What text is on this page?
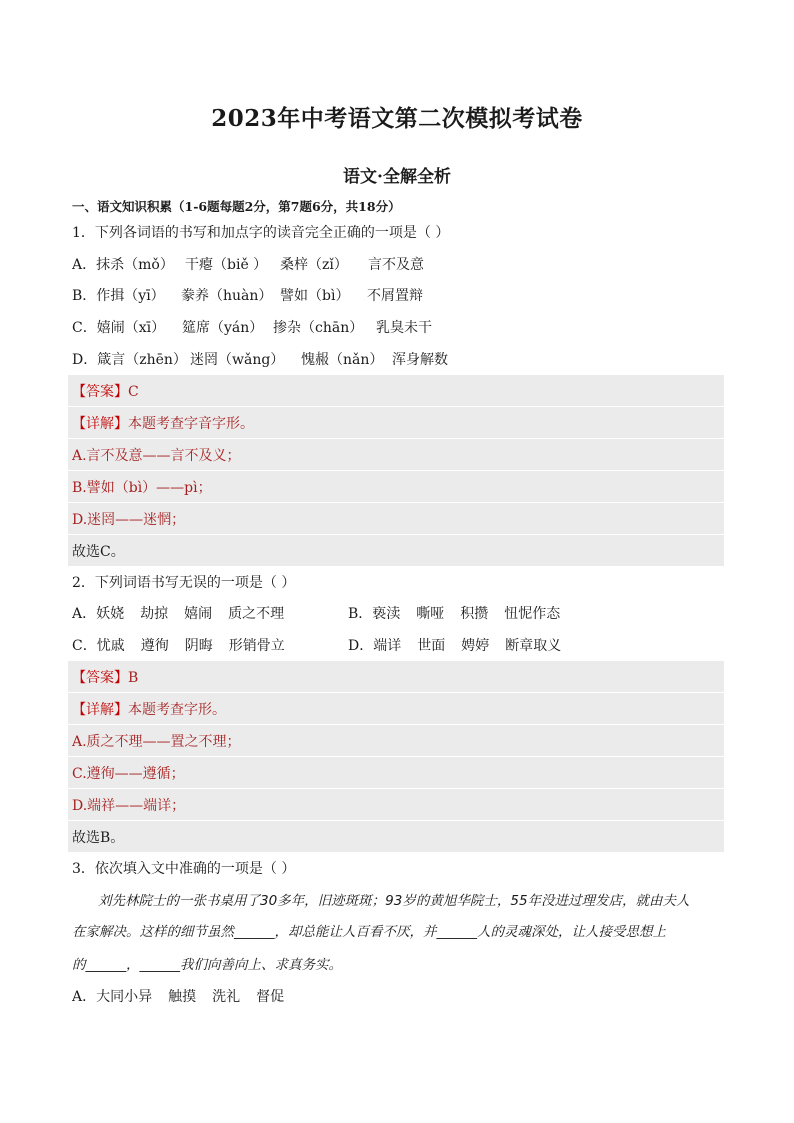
2023年中考语文第二次模拟考试卷
语文·全解全析
一、语文知识积累（1-6题每题2分，第7题6分，共18分）
1．下列各词语的书写和加点字的读音完全正确的一项是（ ）
A．抹杀（mǒ） 干瘪（biě ） 桑梓（zǐ） 言不及意
B．作揖（yī） 豢养（huàn） 譬如（bì） 不屑置辩
C．嬉闹（xī） 筵席（yán） 掺杂（chān） 乳臭未干
D．箴言（zhēn） 迷罔（wǎng） 愧赧（nǎn） 浑身解数
【答案】C
【详解】本题考查字音字形。
A.言不及意——言不及义；
B.譬如（bì）——pì；
D.迷罔——迷惘；
故选C。
2．下列词语书写无误的一项是（ ）
A．妖娆 劫掠 嬉闹 质之不理	B．亵渎 嘶哑 积攒 忸怩作态
C．忧戚 遵徇 阴晦 形销骨立	D．端详 世面 娉婷 断章取义
【答案】B
【详解】本题考查字形。
A.质之不理——置之不理；
C.遵徇——遵循；
D.端祥——端详；
故选B。
3．依次填入文中准确的一项是（ ）
刘先林院士的一张书桌用了30多年，旧迹斑斑；93岁的黄旭华院士，55年没进过理发店，就由夫人
在家解决。这样的细节虽然______，却总能让人百看不厌，并______人的灵魂深处，让人接受思想上
的______，______我们向善向上、求真务实。
A．大同小异 触摸 洗礼 督促
